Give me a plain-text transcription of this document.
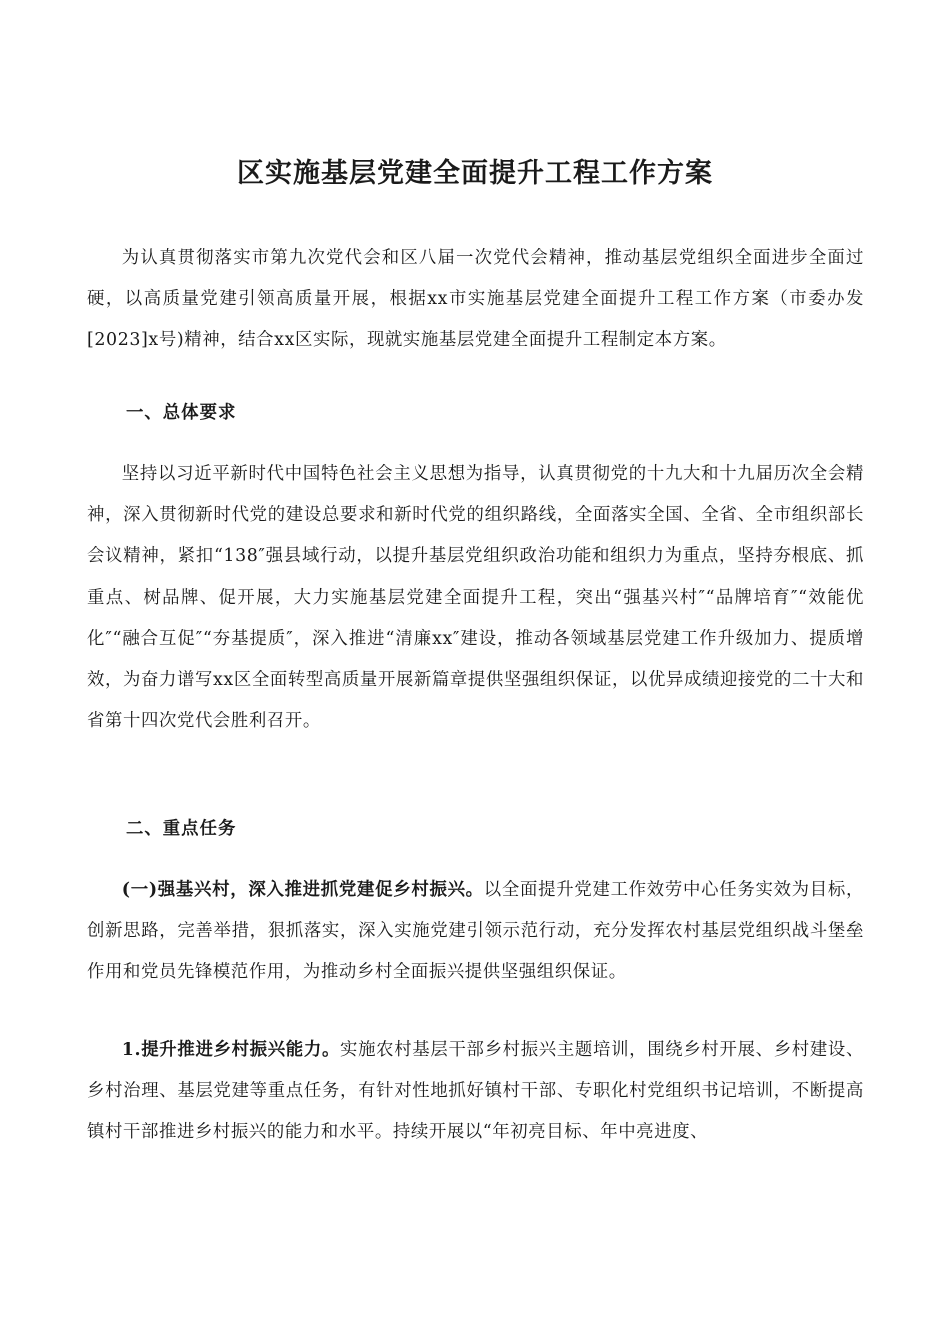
区实施基层党建全面提升工程工作方案

为认真贯彻落实市第九次党代会和区八届一次党代会精神，推动基层党组织全面进步全面过硬，以高质量党建引领高质量开展，根据xx市实施基层党建全面提升工程工作方案（市委办发[2023]x号)精神，结合xx区实际，现就实施基层党建全面提升工程制定本方案。

一、总体要求

坚持以习近平新时代中国特色社会主义思想为指导，认真贯彻党的十九大和十九届历次全会精神，深入贯彻新时代党的建设总要求和新时代党的组织路线，全面落实全国、全省、全市组织部长会议精神，紧扣“138″强县域行动，以提升基层党组织政治功能和组织力为重点，坚持夯根底、抓重点、树品牌、促开展，大力实施基层党建全面提升工程，突出“强基兴村″“品牌培育″“效能优化″“融合互促″“夯基提质″，深入推进“清廉xx″建设，推动各领域基层党建工作升级加力、提质增效，为奋力谱写xx区全面转型高质量开展新篇章提供坚强组织保证，以优异成绩迎接党的二十大和省第十四次党代会胜利召开。

二、重点任务

(一)强基兴村，深入推进抓党建促乡村振兴。以全面提升党建工作效劳中心任务实效为目标，创新思路，完善举措，狠抓落实，深入实施党建引领示范行动，充分发挥农村基层党组织战斗堡垒作用和党员先锋模范作用，为推动乡村全面振兴提供坚强组织保证。

1.提升推进乡村振兴能力。实施农村基层干部乡村振兴主题培训，围绕乡村开展、乡村建设、乡村治理、基层党建等重点任务，有针对性地抓好镇村干部、专职化村党组织书记培训，不断提高镇村干部推进乡村振兴的能力和水平。持续开展以“年初亮目标、年中亮进度、
